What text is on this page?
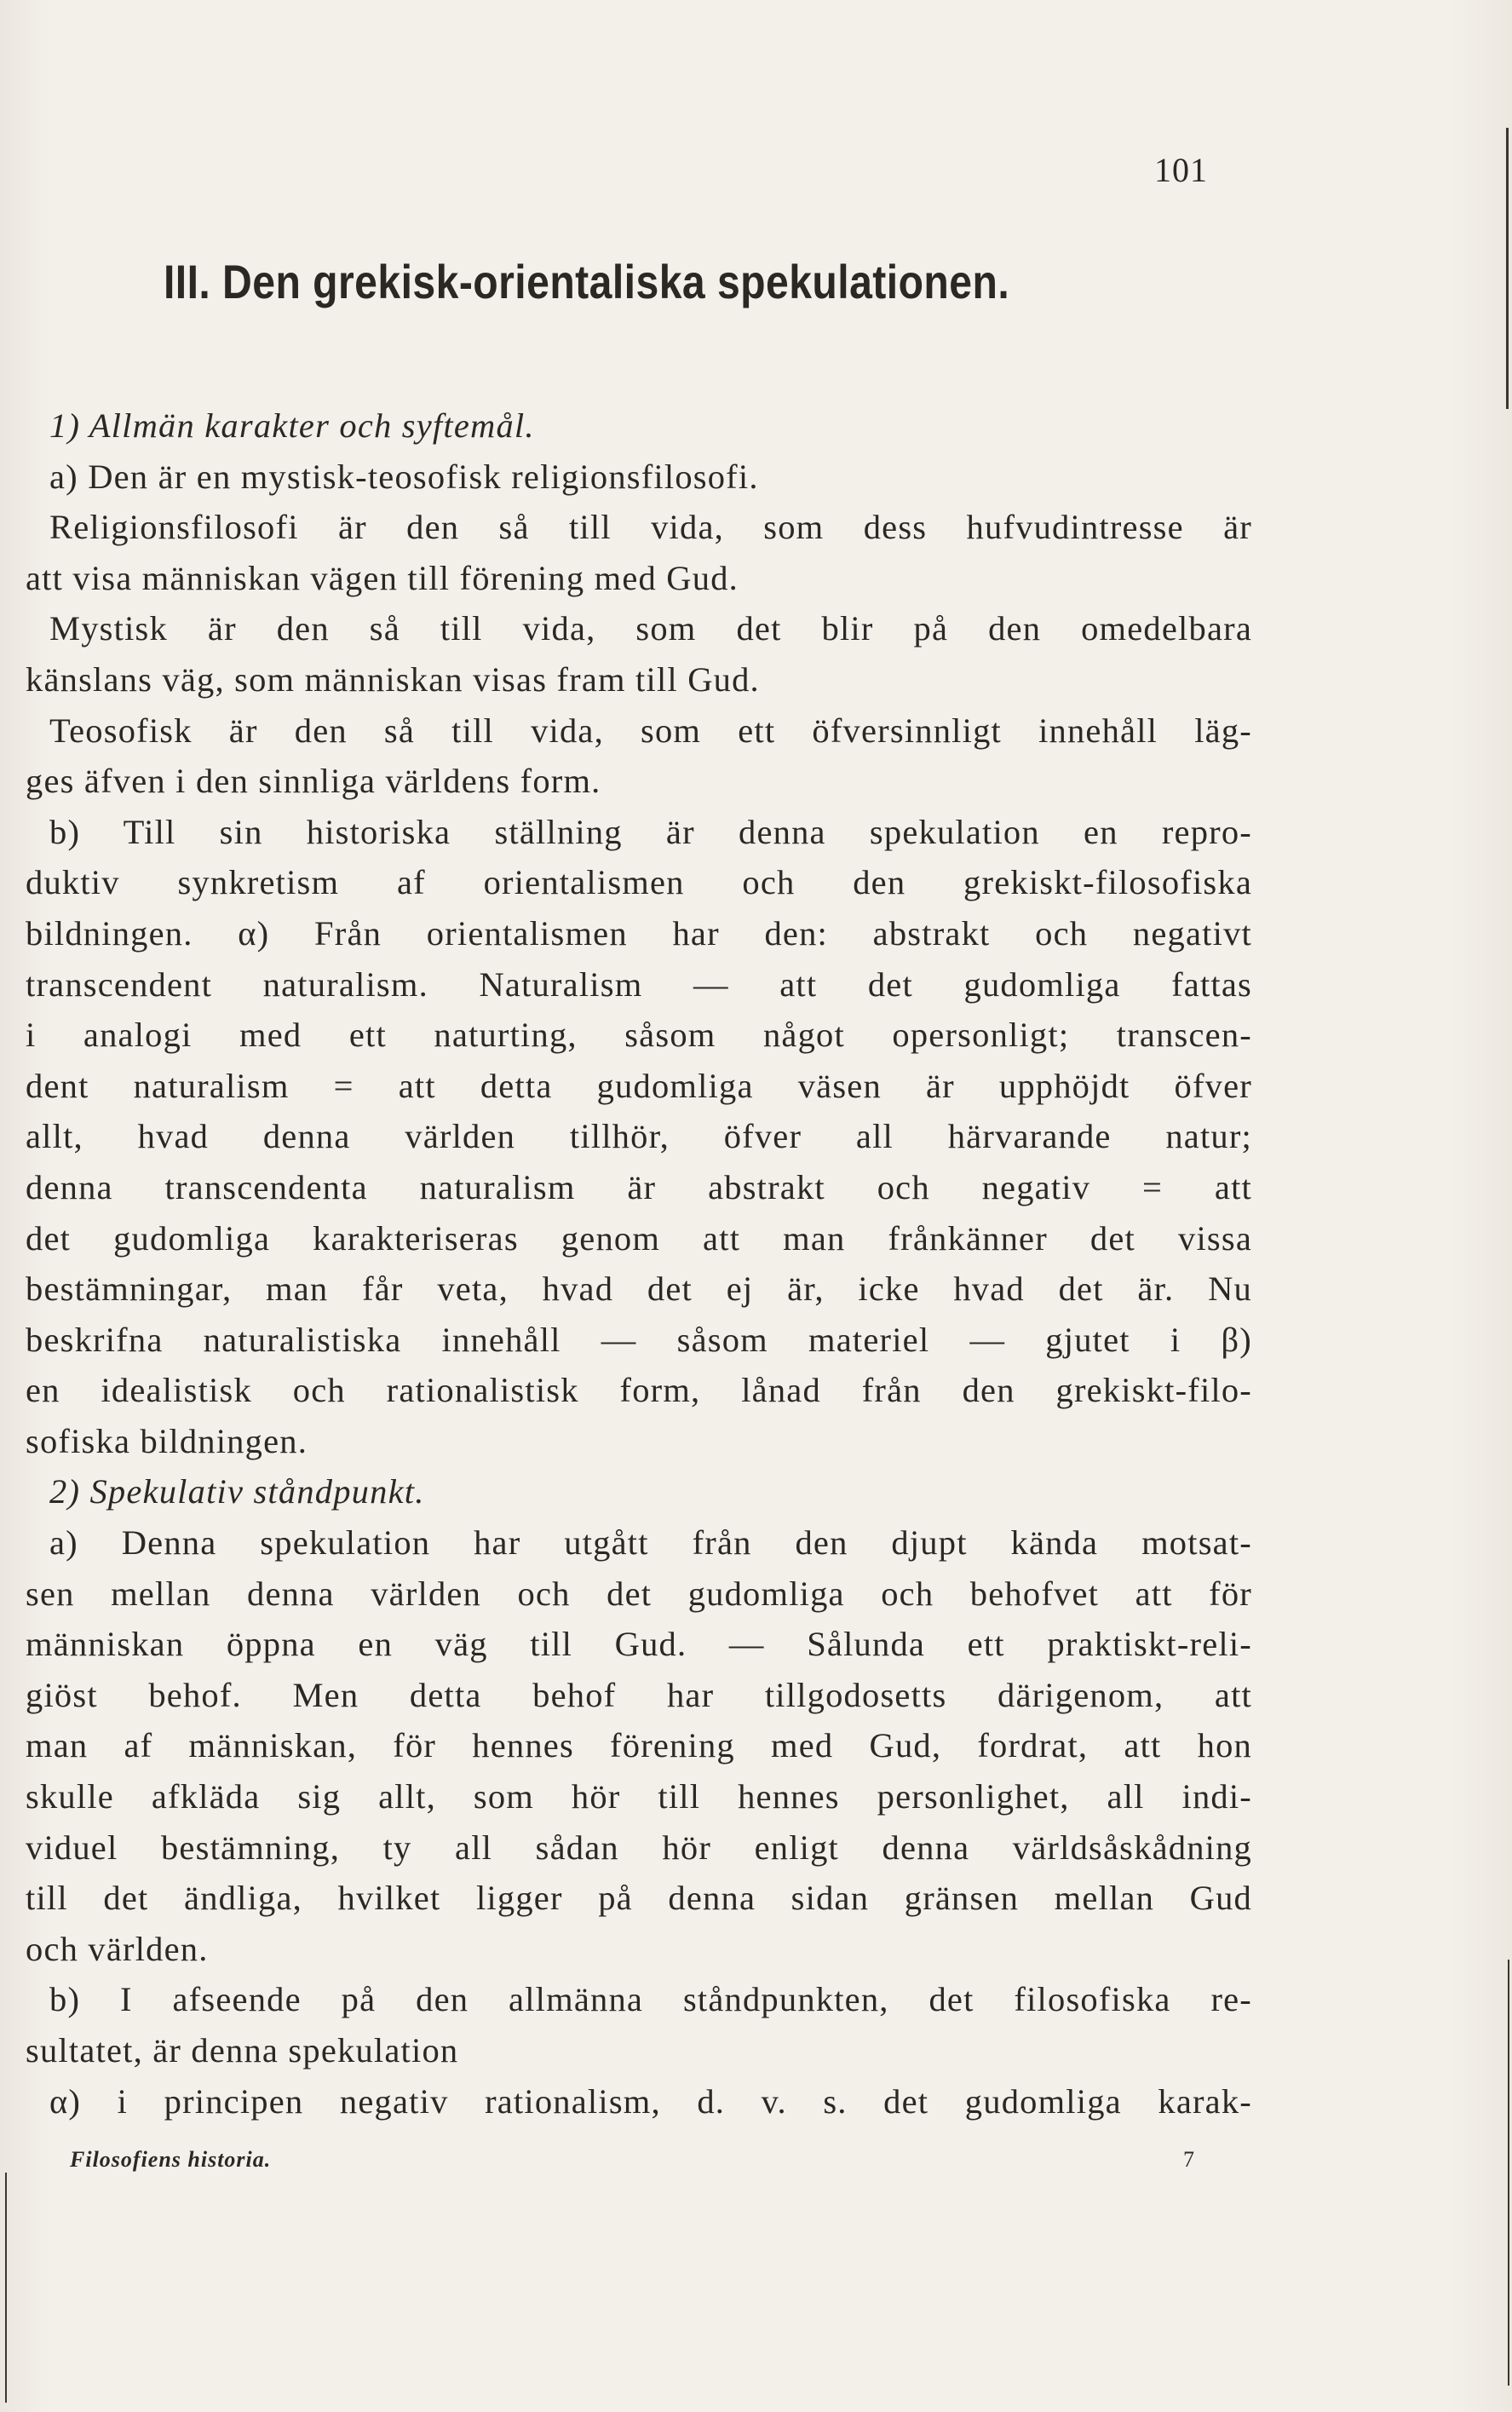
101
III. Den grekisk-orientaliska spekulationen.
1) Allmän karakter och syftemål.
a) Den är en mystisk-teosofisk religionsfilosofi.
Religionsfilosofi är den så till vida, som dess hufvudintresse är
att visa människan vägen till förening med Gud.
Mystisk är den så till vida, som det blir på den omedelbara
känslans väg, som människan visas fram till Gud.
Teosofisk är den så till vida, som ett öfversinnligt innehåll läg-
ges äfven i den sinnliga världens form.
b) Till sin historiska ställning är denna spekulation en repro-
duktiv synkretism af orientalismen och den grekiskt-filosofiska
bildningen. α) Från orientalismen har den: abstrakt och negativt
transcendent naturalism. Naturalism — att det gudomliga fattas
i analogi med ett naturting, såsom något opersonligt; transcen-
dent naturalism = att detta gudomliga väsen är upphöjdt öfver
allt, hvad denna världen tillhör, öfver all härvarande natur;
denna transcendenta naturalism är abstrakt och negativ = att
det gudomliga karakteriseras genom att man frånkänner det vissa
bestämningar, man får veta, hvad det ej är, icke hvad det är. Nu
beskrifna naturalistiska innehåll — såsom materiel — gjutet i β)
en idealistisk och rationalistisk form, lånad från den grekiskt-filo-
sofiska bildningen.
2) Spekulativ ståndpunkt.
a) Denna spekulation har utgått från den djupt kända motsat-
sen mellan denna världen och det gudomliga och behofvet att för
människan öppna en väg till Gud. — Sålunda ett praktiskt-reli-
giöst behof. Men detta behof har tillgodosetts därigenom, att
man af människan, för hennes förening med Gud, fordrat, att hon
skulle afkläda sig allt, som hör till hennes personlighet, all indi-
viduel bestämning, ty all sådan hör enligt denna världsåskådning
till det ändliga, hvilket ligger på denna sidan gränsen mellan Gud
och världen.
b) I afseende på den allmänna ståndpunkten, det filosofiska re-
sultatet, är denna spekulation
α) i principen negativ rationalism, d. v. s. det gudomliga karak-
Filosofiens historia.	7
